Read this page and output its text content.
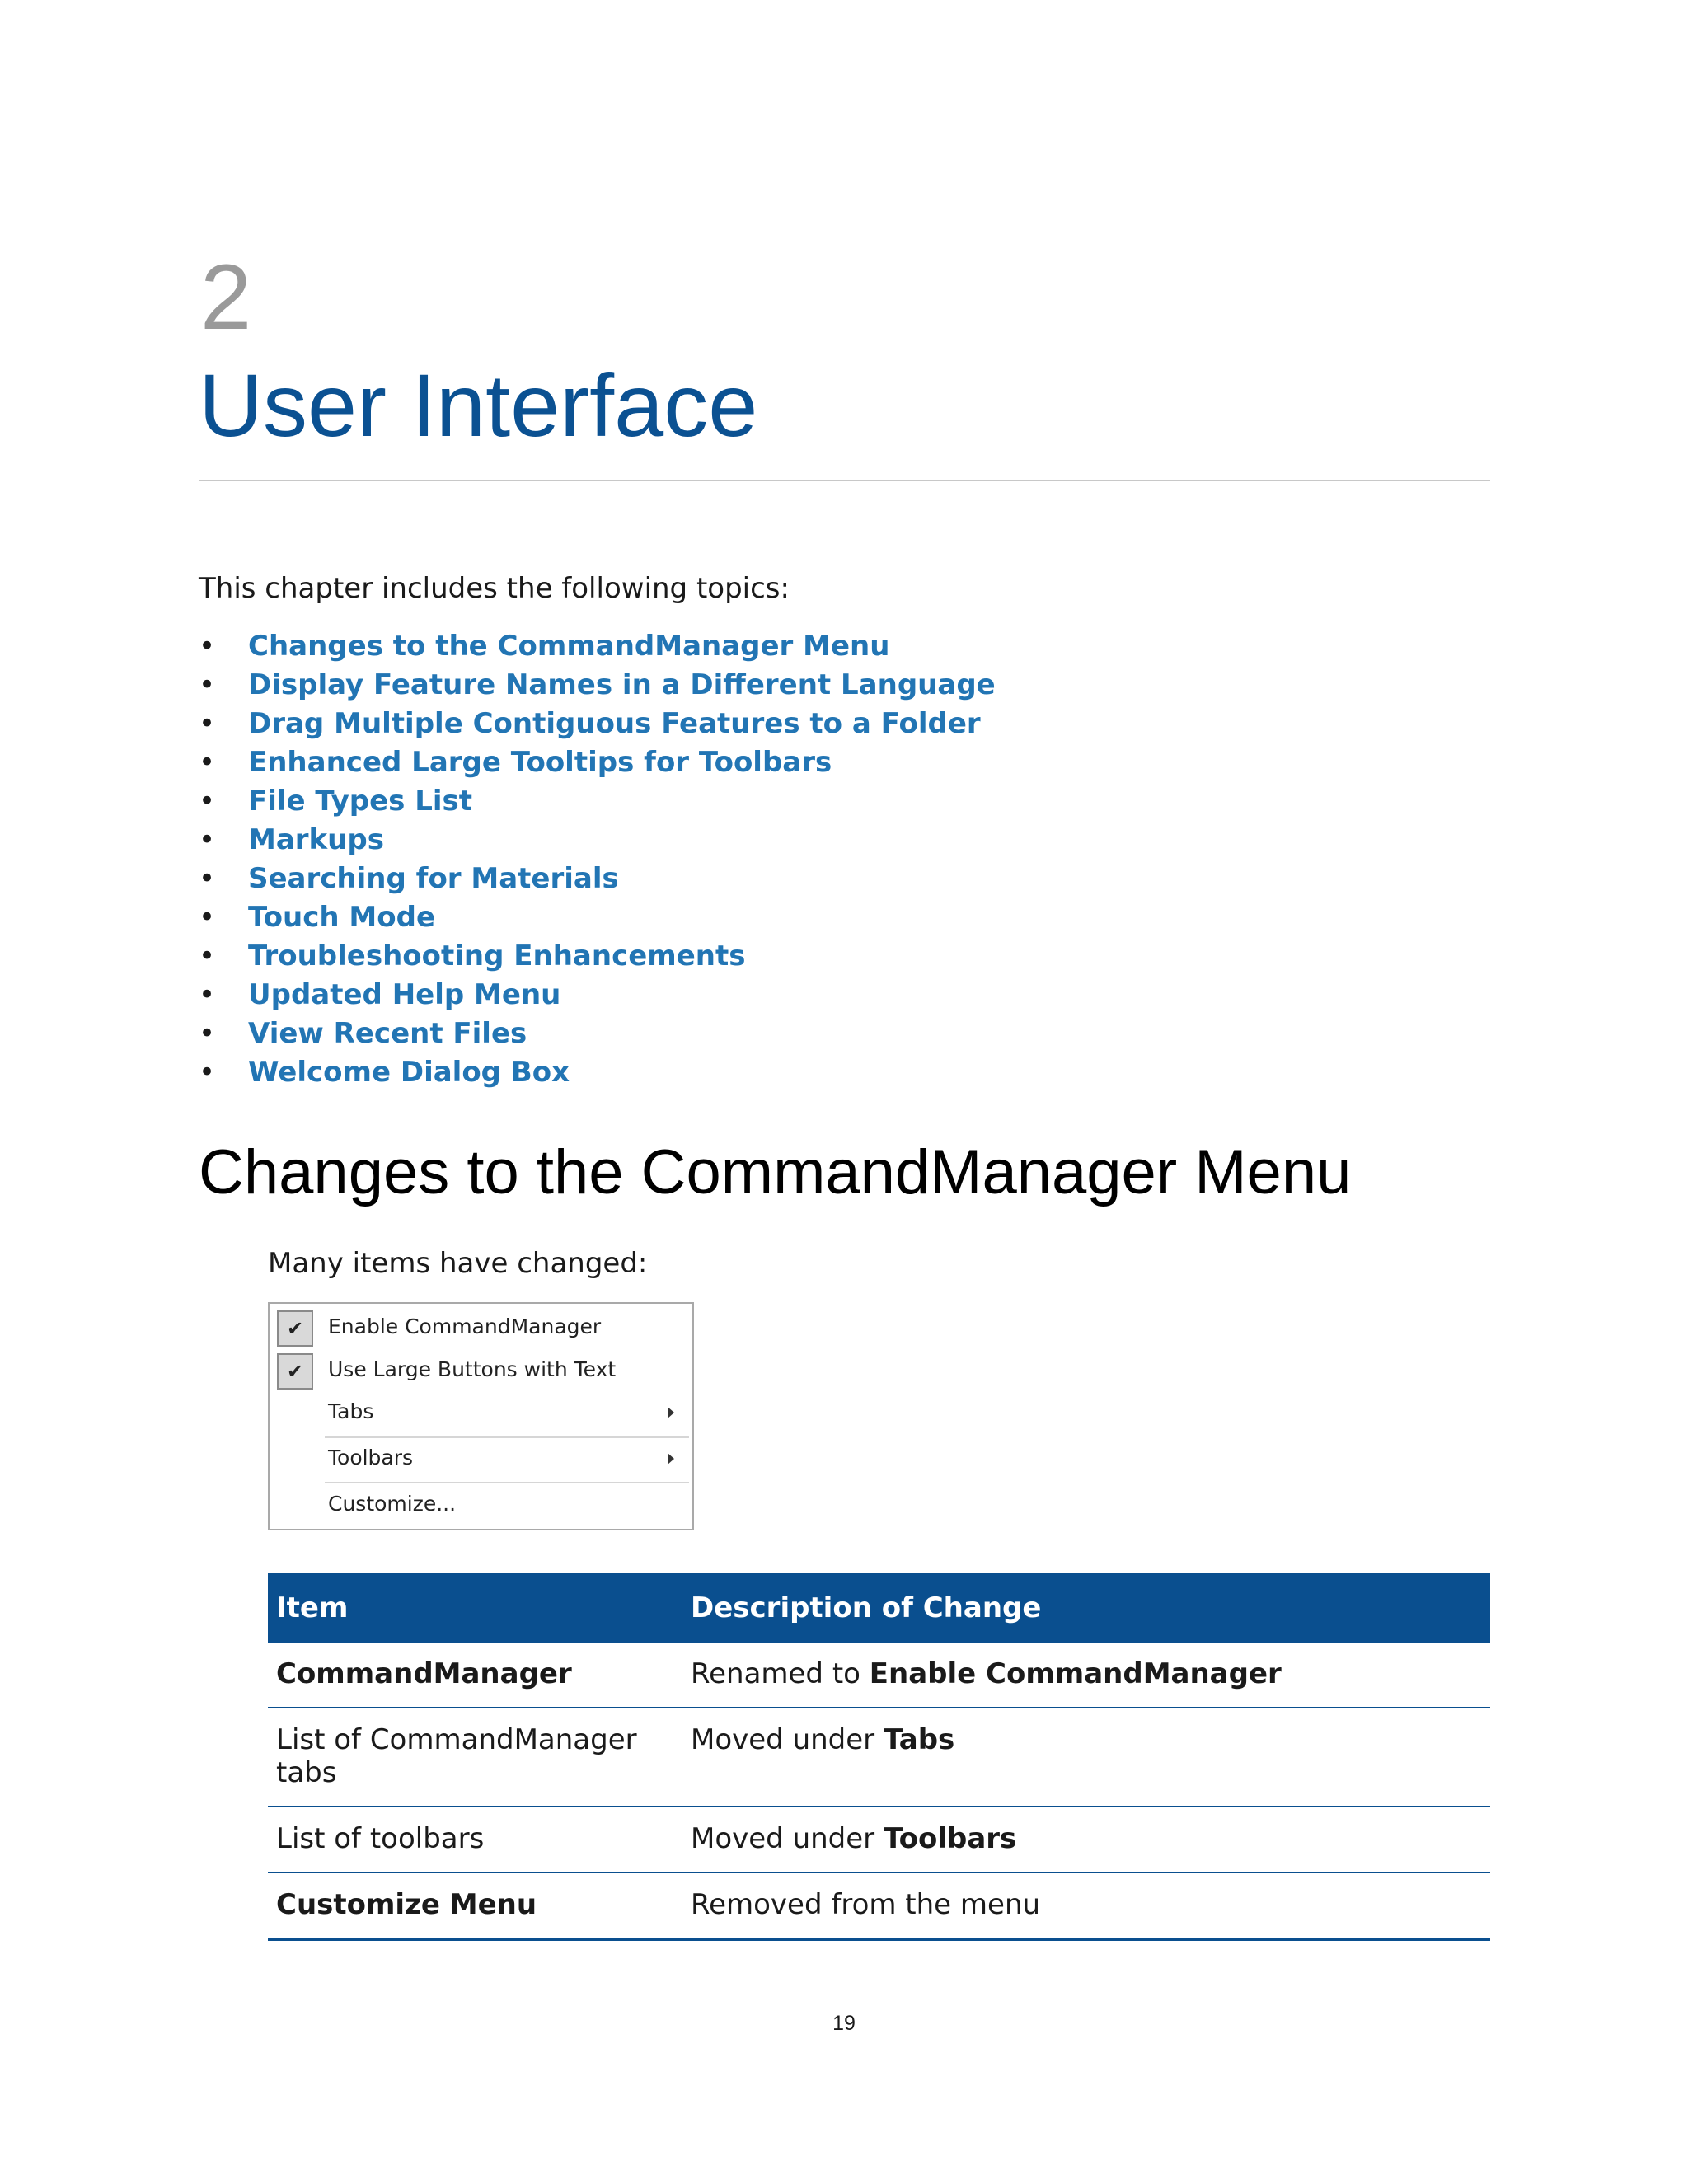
2
User Interface
This chapter includes the following topics:
• Changes to the CommandManager Menu
• Display Feature Names in a Different Language
• Drag Multiple Contiguous Features to a Folder
• Enhanced Large Tooltips for Toolbars
• File Types List
• Markups
• Searching for Materials
• Touch Mode
• Troubleshooting Enhancements
• Updated Help Menu
• View Recent Files
• Welcome Dialog Box
Changes to the CommandManager Menu
Many items have changed:
✔	Enable CommandManager
✔	Use Large Buttons with Text
Tabs
Toolbars
Customize...
Item	Description of Change
CommandManager	Renamed to Enable CommandManager
List of CommandManager tabs	Moved under Tabs
List of toolbars	Moved under Toolbars
Customize Menu	Removed from the menu
19
